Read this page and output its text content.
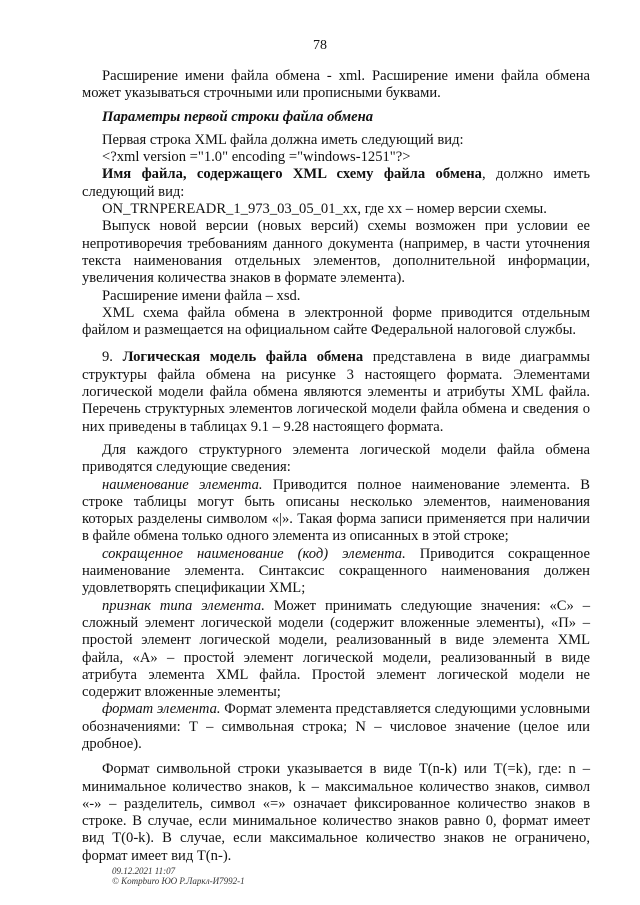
78

Расширение имени файла обмена - xml. Расширение имени файла обмена может указываться строчными или прописными буквами.

Параметры первой строки файла обмена

Первая строка XML файла должна иметь следующий вид:

<?xml version ="1.0" encoding ="windows-1251"?>

Имя файла, содержащего XML схему файла обмена, должно иметь следующий вид:

ON_TRNPEREADR_1_973_03_05_01_xx, где хх – номер версии схемы.

Выпуск новой версии (новых версий) схемы возможен при условии ее непротиворечия требованиям данного документа (например, в части уточнения текста наименования отдельных элементов, дополнительной информации, увеличения количества знаков в формате элемента).

Расширение имени файла – xsd.

XML схема файла обмена в электронной форме приводится отдельным файлом и размещается на официальном сайте Федеральной налоговой службы.

9. Логическая модель файла обмена представлена в виде диаграммы структуры файла обмена на рисунке 3 настоящего формата. Элементами логической модели файла обмена являются элементы и атрибуты XML файла. Перечень структурных элементов логической модели файла обмена и сведения о них приведены в таблицах 9.1 – 9.28 настоящего формата.

Для каждого структурного элемента логической модели файла обмена приводятся следующие сведения:

наименование элемента. Приводится полное наименование элемента. В строке таблицы могут быть описаны несколько элементов, наименования которых разделены символом «|». Такая форма записи применяется при наличии в файле обмена только одного элемента из описанных в этой строке;

сокращенное наименование (код) элемента. Приводится сокращенное наименование элемента. Синтаксис сокращенного наименования должен удовлетворять спецификации XML;

признак типа элемента. Может принимать следующие значения: «С» – сложный элемент логической модели (содержит вложенные элементы), «П» – простой элемент логической модели, реализованный в виде элемента XML файла, «А» – простой элемент логической модели, реализованный в виде атрибута элемента XML файла. Простой элемент логической модели не содержит вложенные элементы;

формат элемента. Формат элемента представляется следующими условными обозначениями: Т – символьная строка; N – числовое значение (целое или дробное).

Формат символьной строки указывается в виде Т(n-k) или Т(=k), где: n – минимальное количество знаков, k – максимальное количество знаков, символ «-» – разделитель, символ «=» означает фиксированное количество знаков в строке. В случае, если минимальное количество знаков равно 0, формат имеет вид Т(0-k). В случае, если максимальное количество знаков не ограничено, формат имеет вид Т(n-).

09.12.2021 11:07
© Kompburo ЮО Р.Ларкл-И7992-1
